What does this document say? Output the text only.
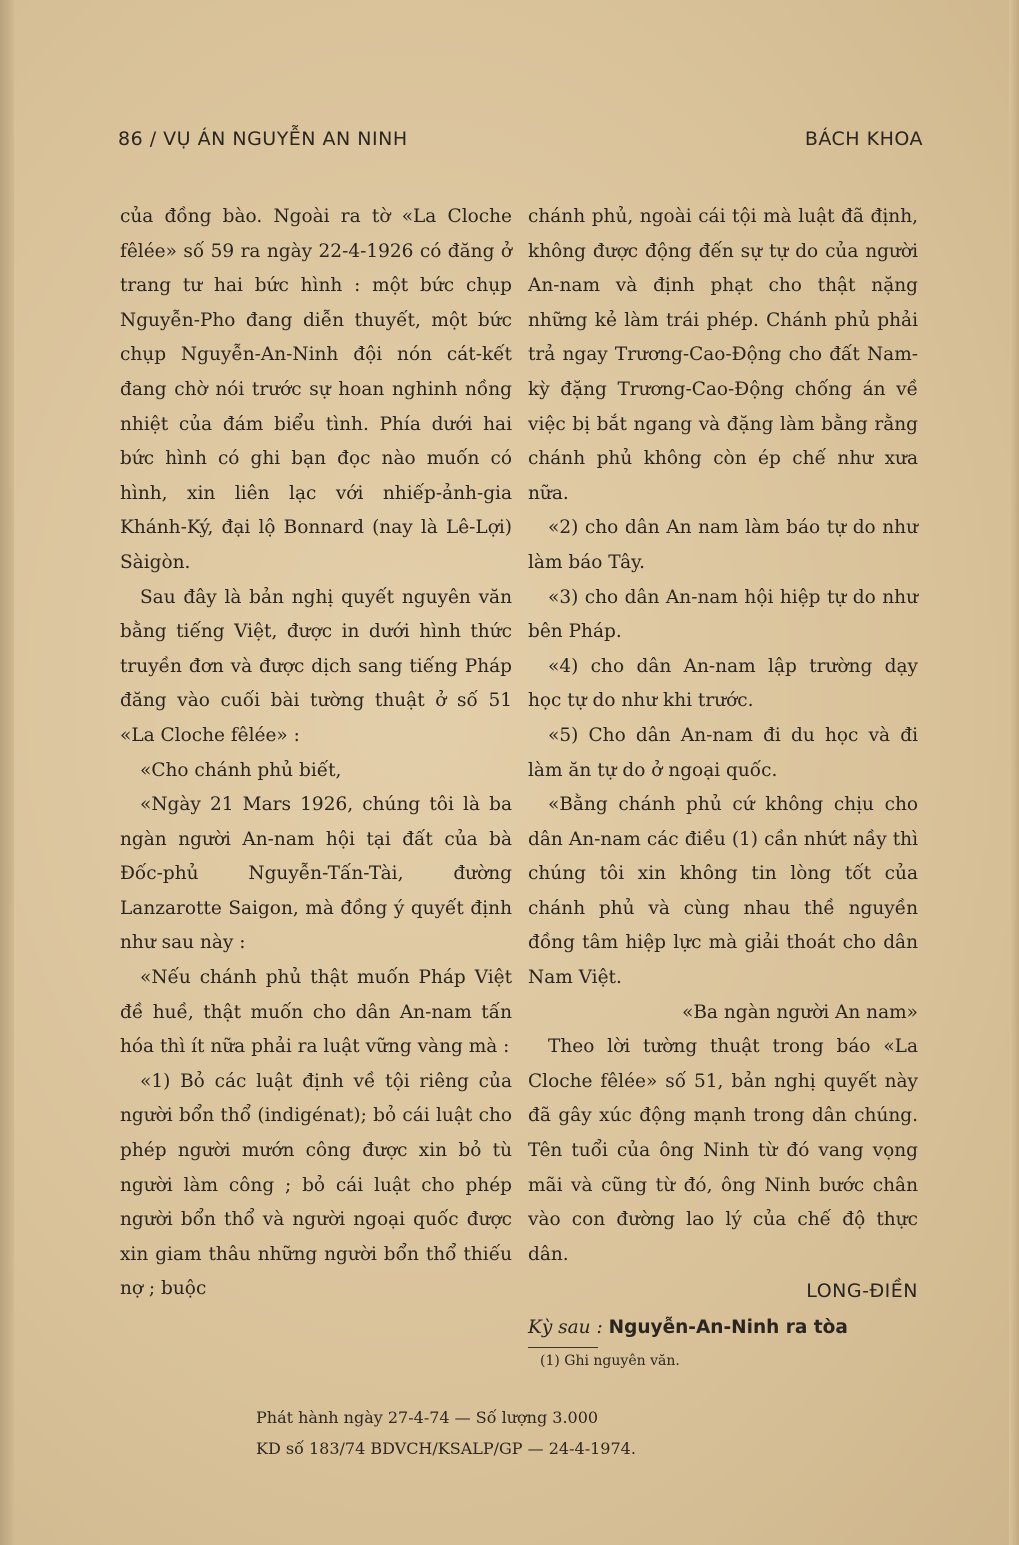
86 / VỤ ÁN NGUYỄN AN NINH	BÁCH KHOA

của đồng bào. Ngoài ra tờ «La Cloche fêlée» số 59 ra ngày 22-4-1926 có đăng ở trang tư hai bức hình : một bức chụp Nguyễn-Pho đang diễn thuyết, một bức chụp Nguyễn-An-Ninh đội nón cát-kết đang chờ nói trước sự hoan nghinh nồng nhiệt của đám biểu tình. Phía dưới hai bức hình có ghi bạn đọc nào muốn có hình, xin liên lạc với nhiếp-ảnh-gia Khánh-Ký, đại lộ Bonnard (nay là Lê-Lợi) Sàigòn.

Sau đây là bản nghị quyết nguyên văn bằng tiếng Việt, được in dưới hình thức truyền đơn và được dịch sang tiếng Pháp đăng vào cuối bài tường thuật ở số 51 «La Cloche fêlée» :

«Cho chánh phủ biết,

«Ngày 21 Mars 1926, chúng tôi là ba ngàn người An-nam hội tại đất của bà Đốc-phủ Nguyễn-Tấn-Tài, đường Lanzarotte Saigon, mà đồng ý quyết định như sau này :

«Nếu chánh phủ thật muốn Pháp Việt đề huề, thật muốn cho dân An-nam tấn hóa thì ít nữa phải ra luật vững vàng mà :

«1) Bỏ các luật định về tội riêng của người bổn thổ (indigénat); bỏ cái luật cho phép người mướn công được xin bỏ tù người làm công ; bỏ cái luật cho phép người bổn thổ và người ngoại quốc được xin giam thâu những người bổn thổ thiếu nợ ; buộc

chánh phủ, ngoài cái tội mà luật đã định, không được động đến sự tự do của người An-nam và định phạt cho thật nặng những kẻ làm trái phép. Chánh phủ phải trả ngay Trương-Cao-Động cho đất Nam-kỳ đặng Trương-Cao-Động chống án về việc bị bắt ngang và đặng làm bằng rằng chánh phủ không còn ép chế như xưa nữa.

«2) cho dân An nam làm báo tự do như làm báo Tây.

«3) cho dân An-nam hội hiệp tự do như bên Pháp.

«4) cho dân An-nam lập trường dạy học tự do như khi trước.

«5) Cho dân An-nam đi du học và đi làm ăn tự do ở ngoại quốc.

«Bằng chánh phủ cứ không chịu cho dân An-nam các điều (1) cần nhứt nầy thì chúng tôi xin không tin lòng tốt của chánh phủ và cùng nhau thề nguyền đồng tâm hiệp lực mà giải thoát cho dân Nam Việt.

«Ba ngàn người An nam»

Theo lời tường thuật trong báo «La Cloche fêlée» số 51, bản nghị quyết này đã gây xúc động mạnh trong dân chúng. Tên tuổi của ông Ninh từ đó vang vọng mãi và cũng từ đó, ông Ninh bước chân vào con đường lao lý của chế độ thực dân.

LONG-ĐIỀN
Kỳ sau : Nguyễn-An-Ninh ra tòa
(1) Ghi nguyên văn.
Phát hành ngày 27-4-74 — Số lượng 3.000
KD số 183/74 BDVCH/KSALP/GP — 24-4-1974.
